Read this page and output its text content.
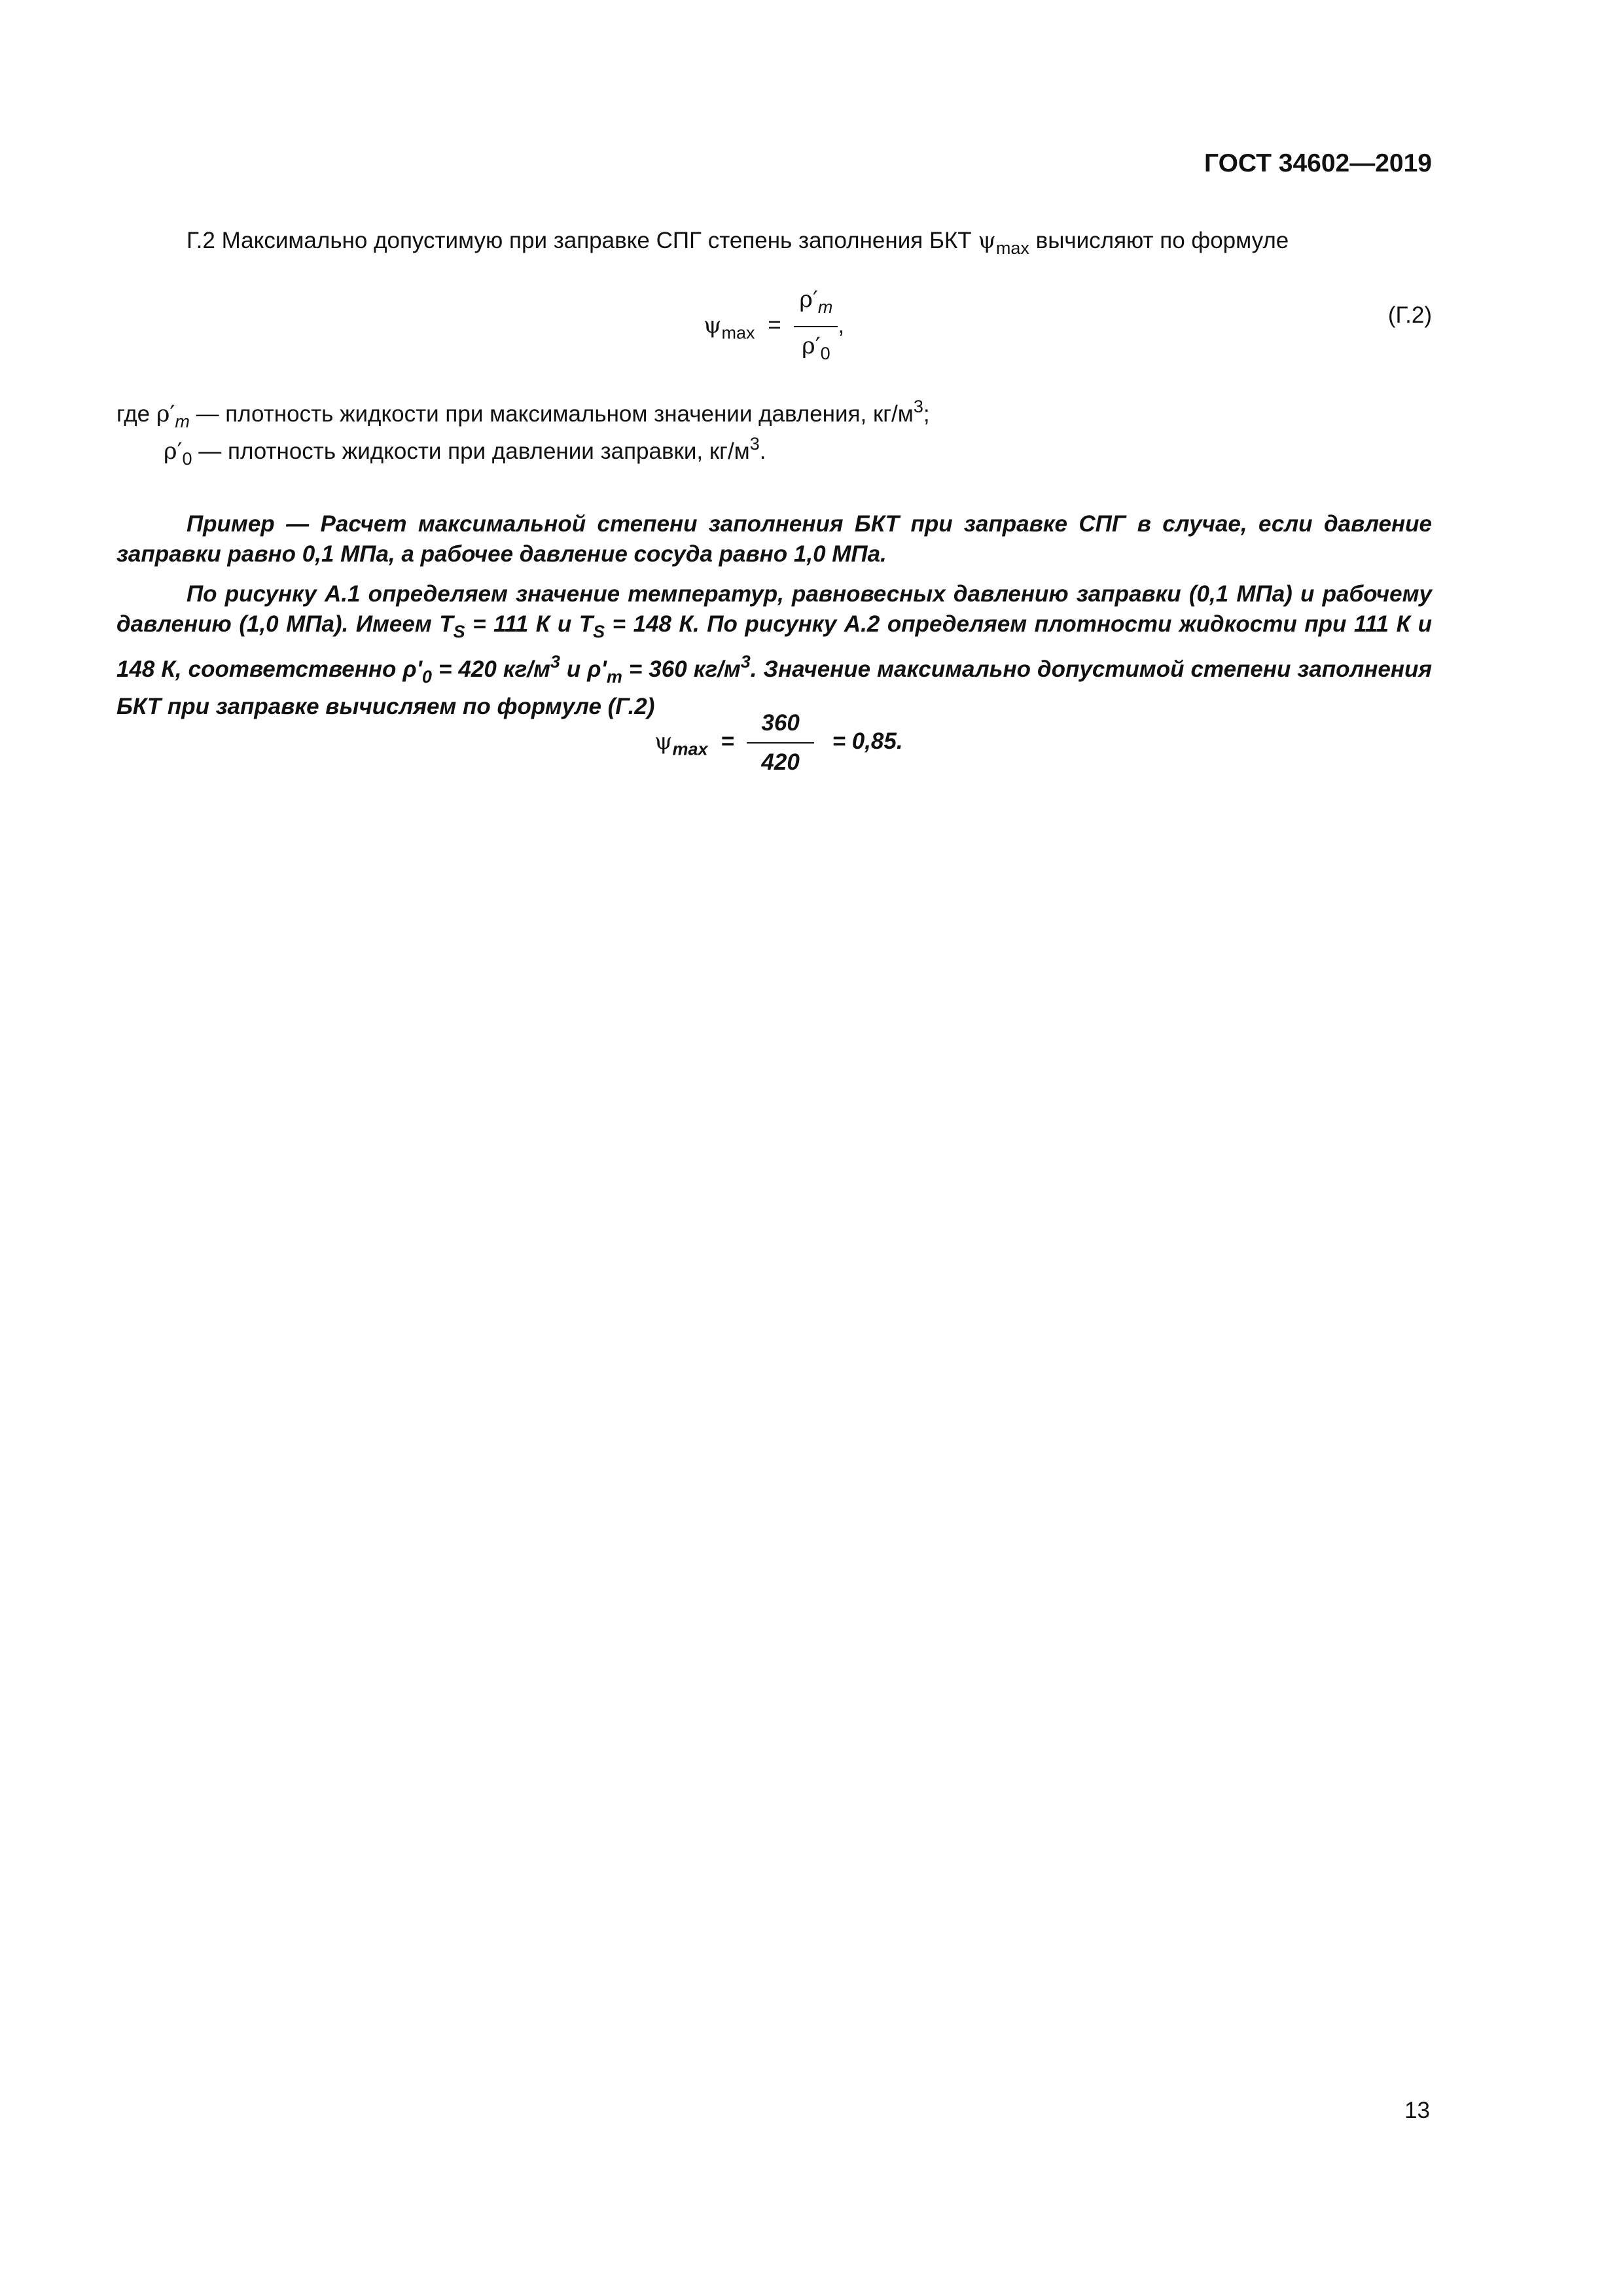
ГОСТ 34602—2019
Г.2 Максимально допустимую при заправке СПГ степень заполнения БКТ $\psi_{max}$ вычисляют по формуле
$\psi_{max} = \frac{\rho'_m}{\rho'_0}$ ,	(Г.2)
где $\rho'_m$ — плотность жидкости при максимальном значении давления, $кг/м^3$;
$\rho'_0$ — плотность жидкости при давлении заправки, $кг/м^3$.
Пример — Расчет максимальной степени заполнения БКТ при заправке СПГ в случае, если давление заправки равно 0,1 МПа, а рабочее давление сосуда равно 1,0 МПа.
По рисунку А.1 определяем значение температур, равновесных давлению заправки (0,1 МПа) и рабочему давлению (1,0 МПа). Имеем $T_S = 111$ К и $T_S = 148$ К. По рисунку А.2 определяем плотности жидкости при 111 К и 148 К, соответственно $\rho'_0 = 420$ $кг/м^3$ и $\rho'_m = 360$ $кг/м^3$. Значение максимально допустимой степени заполнения БКТ при заправке вычисляем по формуле (Г.2)
$\psi_{max} = \frac{360}{420} = 0,85$.
13
